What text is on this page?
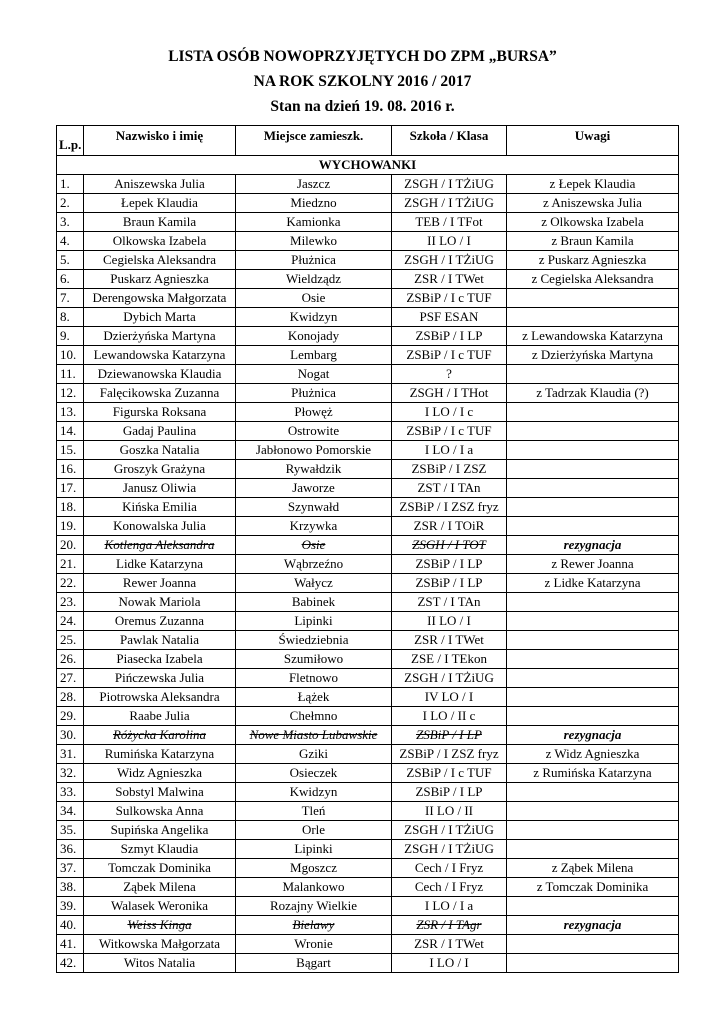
LISTA OSÓB NOWOPRZYJĘTYCH DO ZPM „BURSA”
NA ROK SZKOLNY 2016 / 2017
Stan na dzień 19. 08. 2016 r.
L.p.	Nazwisko i imię	Miejsce zamieszk.	Szkoła / Klasa	Uwagi
WYCHOWANKI				
1.	Aniszewska Julia	Jaszcz	ZSGH / I TŻiUG	z Łepek Klaudia
2.	Łepek Klaudia	Miedzno	ZSGH / I TŻiUG	z Aniszewska Julia
3.	Braun Kamila	Kamionka	TEB / I TFot	z Olkowska Izabela
4.	Olkowska Izabela	Milewko	II LO / I	z Braun Kamila
5.	Cegielska Aleksandra	Płużnica	ZSGH / I TŻiUG	z Puskarz Agnieszka
6.	Puskarz Agnieszka	Wieldządz	ZSR / I TWet	z Cegielska Aleksandra
7.	Derengowska Małgorzata	Osie	ZSBiP / I c TUF	
8.	Dybich Marta	Kwidzyn	PSF ESAN	
9.	Dzierżyńska Martyna	Konojady	ZSBiP / I LP	z Lewandowska Katarzyna
10.	Lewandowska Katarzyna	Lembarg	ZSBiP / I c TUF	z Dzierżyńska Martyna
11.	Dziewanowska Klaudia	Nogat	?	
12.	Falęcikowska Zuzanna	Płużnica	ZSGH / I THot	z Tadrzak Klaudia (?)
13.	Figurska Roksana	Płowęż	I LO / I c	
14.	Gadaj Paulina	Ostrowite	ZSBiP / I c TUF	
15.	Goszka Natalia	Jabłonowo Pomorskie	I LO / I a	
16.	Groszyk Grażyna	Rywałdzik	ZSBiP / I ZSZ	
17.	Janusz Oliwia	Jaworze	ZST / I TAn	
18.	Kińska Emilia	Szynwałd	ZSBiP / I ZSZ fryz	
19.	Konowalska Julia	Krzywka	ZSR / I TOiR	
20.	Kotlenga Aleksandra	Osie	ZSGH / I TOT	rezygnacja
21.	Lidke Katarzyna	Wąbrzeźno	ZSBiP / I LP	z Rewer Joanna
22.	Rewer Joanna	Wałycz	ZSBiP / I LP	z Lidke Katarzyna
23.	Nowak Mariola	Babinek	ZST / I TAn	
24.	Oremus Zuzanna	Lipinki	II LO / I	
25.	Pawlak Natalia	Świedziebnia	ZSR / I TWet	
26.	Piasecka Izabela	Szumiłowo	ZSE / I TEkon	
27.	Pińczewska Julia	Fletnowo	ZSGH / I TŻiUG	
28.	Piotrowska Aleksandra	Łążek	IV LO / I	
29.	Raabe Julia	Chełmno	I LO / II c	
30.	Różycka Karolina	Nowe Miasto Lubawskie	ZSBiP / I LP	rezygnacja
31.	Rumińska Katarzyna	Gziki	ZSBiP / I ZSZ fryz	z Widz Agnieszka
32.	Widz Agnieszka	Osieczek	ZSBiP / I c TUF	z Rumińska Katarzyna
33.	Sobstyl Malwina	Kwidzyn	ZSBiP / I LP	
34.	Sulkowska Anna	Tleń	II LO / II	
35.	Supińska Angelika	Orle	ZSGH / I TŻiUG	
36.	Szmyt Klaudia	Lipinki	ZSGH / I TŻiUG	
37.	Tomczak Dominika	Mgoszcz	Cech / I Fryz	z Ząbek Milena
38.	Ząbek Milena	Malankowo	Cech / I Fryz	z Tomczak Dominika
39.	Walasek Weronika	Rozajny Wielkie	I LO / I a	
40.	Weiss Kinga	Bielawy	ZSR / I TAgr	rezygnacja
41.	Witkowska Małgorzata	Wronie	ZSR / I TWet	
42.	Witos Natalia	Bągart	I LO / I	
